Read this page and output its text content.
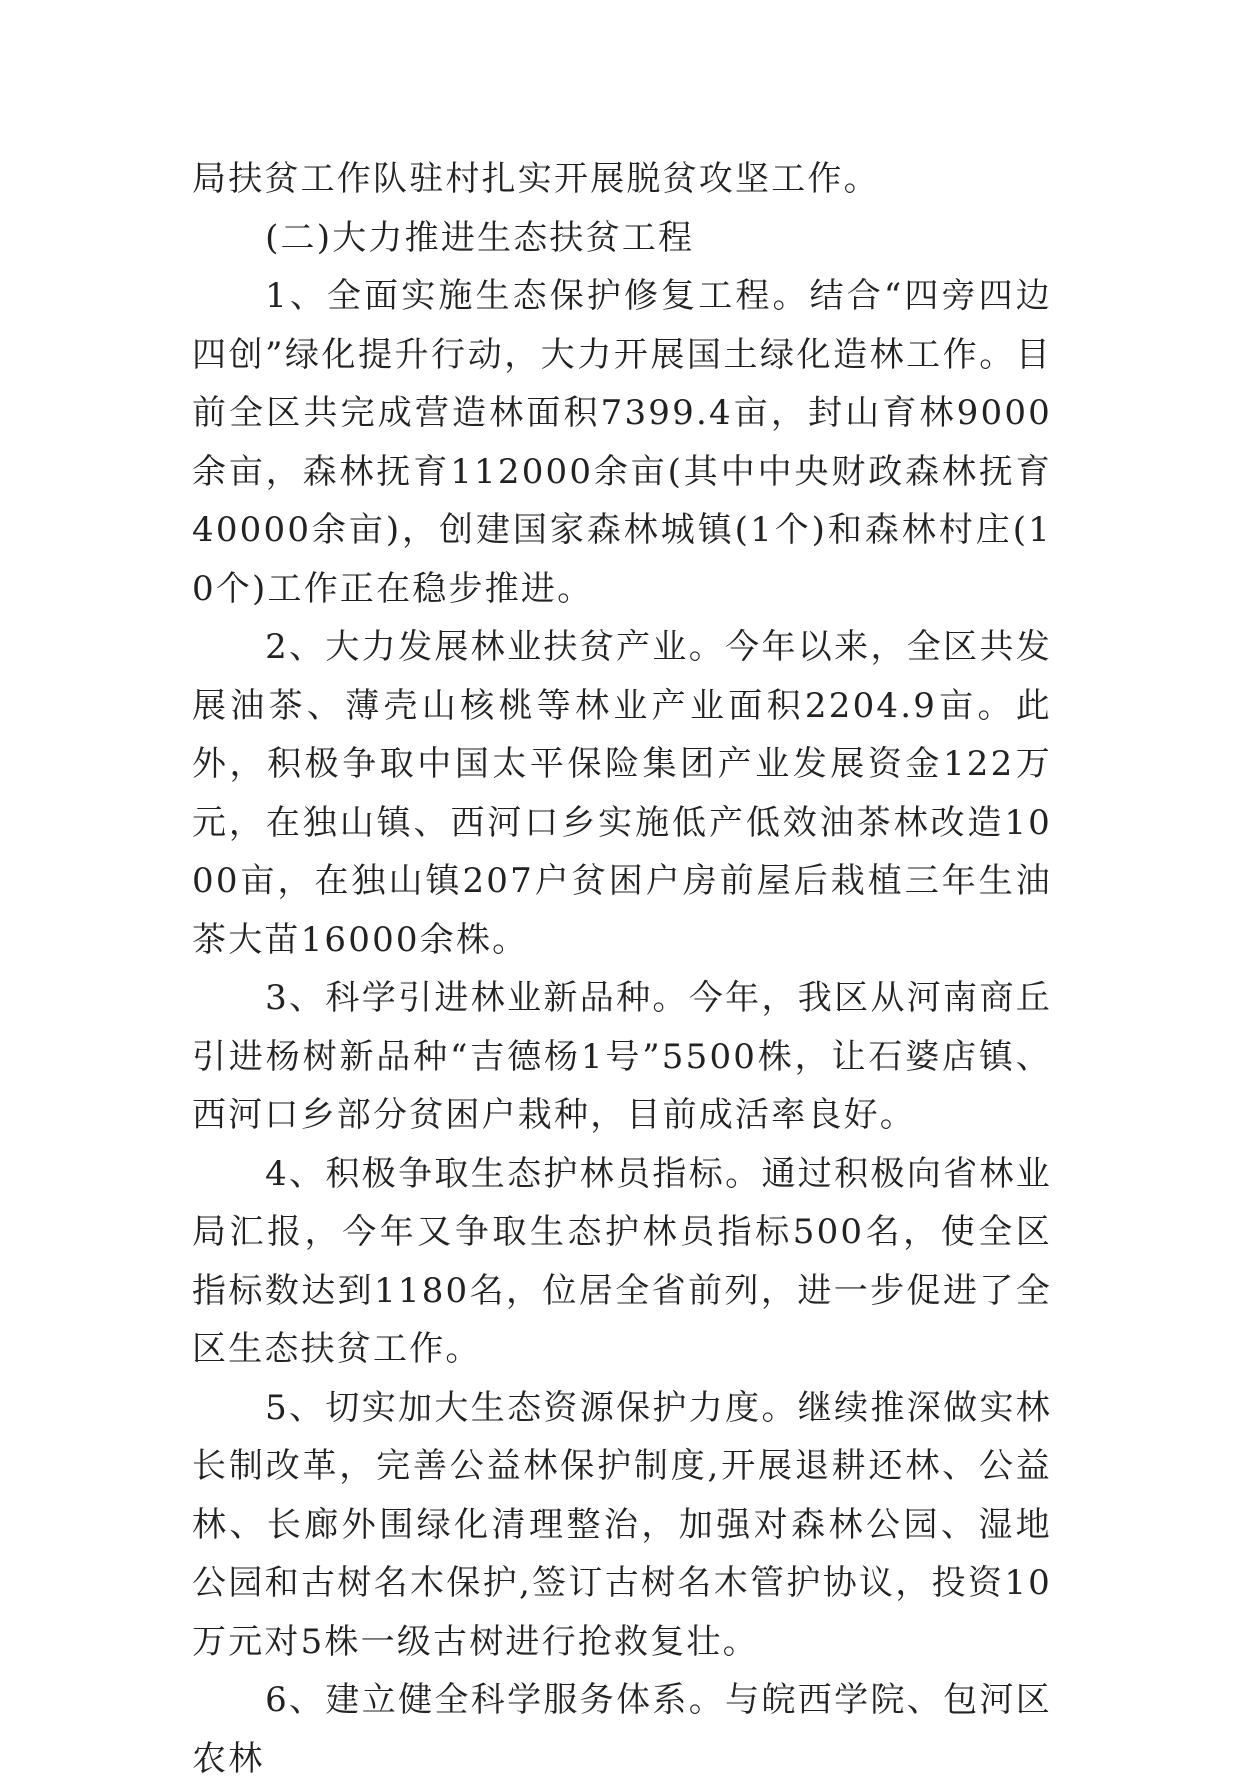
局扶贫工作队驻村扎实开展脱贫攻坚工作。

(二)大力推进生态扶贫工程

1、全面实施生态保护修复工程。结合“四旁四边四创”绿化提升行动，大力开展国土绿化造林工作。目前全区共完成营造林面积7399.4亩，封山育林9000余亩，森林抚育112000余亩(其中中央财政森林抚育40000余亩)，创建国家森林城镇(1个)和森林村庄(10个)工作正在稳步推进。

2、大力发展林业扶贫产业。今年以来，全区共发展油茶、薄壳山核桃等林业产业面积2204.9亩。此外，积极争取中国太平保险集团产业发展资金122万元，在独山镇、西河口乡实施低产低效油茶林改造1000亩，在独山镇207户贫困户房前屋后栽植三年生油茶大苗16000余株。

3、科学引进林业新品种。今年，我区从河南商丘引进杨树新品种“吉德杨1号”5500株，让石婆店镇、西河口乡部分贫困户栽种，目前成活率良好。

4、积极争取生态护林员指标。通过积极向省林业局汇报，今年又争取生态护林员指标500名，使全区指标数达到1180名，位居全省前列，进一步促进了全区生态扶贫工作。

5、切实加大生态资源保护力度。继续推深做实林长制改革，完善公益林保护制度,开展退耕还林、公益林、长廊外围绿化清理整治，加强对森林公园、湿地公园和古树名木保护,签订古树名木管护协议，投资10万元对5株一级古树进行抢救复壮。

6、建立健全科学服务体系。与皖西学院、包河区农林
